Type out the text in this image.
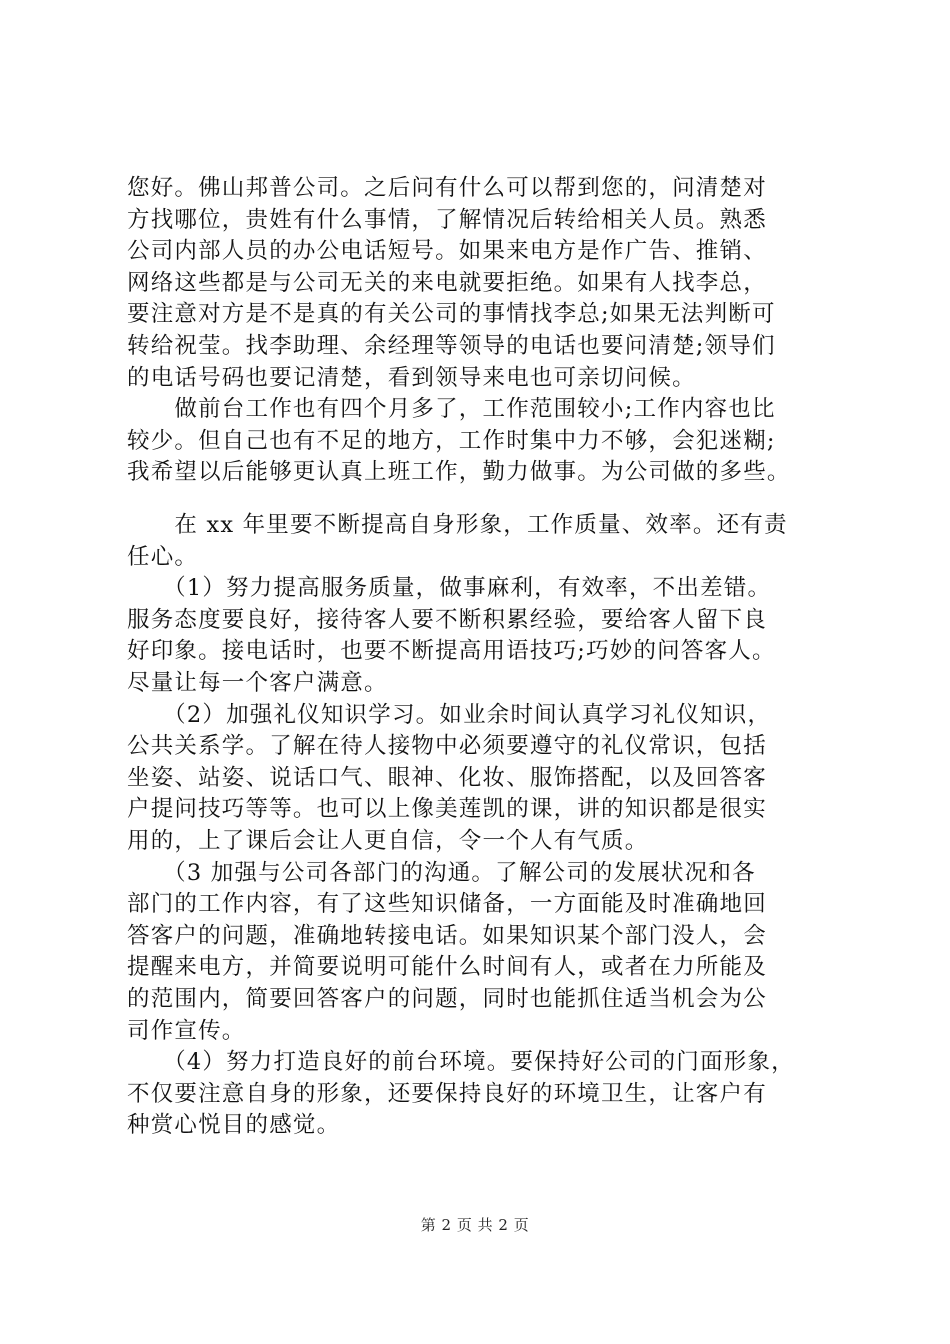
您好。佛山邦普公司。之后问有什么可以帮到您的，问清楚对
方找哪位，贵姓有什么事情，了解情况后转给相关人员。熟悉
公司内部人员的办公电话短号。如果来电方是作广告、推销、
网络这些都是与公司无关的来电就要拒绝。如果有人找李总，
要注意对方是不是真的有关公司的事情找李总;如果无法判断可
转给祝莹。找李助理、余经理等领导的电话也要问清楚;领导们
的电话号码也要记清楚，看到领导来电也可亲切问候。
　　做前台工作也有四个月多了，工作范围较小;工作内容也比
较少。但自己也有不足的地方，工作时集中力不够，会犯迷糊;
我希望以后能够更认真上班工作，勤力做事。为公司做的多些。
　　在 xx 年里要不断提高自身形象，工作质量、效率。还有责
任心。
　　（1）努力提高服务质量，做事麻利，有效率，不出差错。
服务态度要良好，接待客人要不断积累经验，要给客人留下良
好印象。接电话时，也要不断提高用语技巧;巧妙的问答客人。
尽量让每一个客户满意。
　　（2）加强礼仪知识学习。如业余时间认真学习礼仪知识，
公共关系学。了解在待人接物中必须要遵守的礼仪常识，包括
坐姿、站姿、说话口气、眼神、化妆、服饰搭配，以及回答客
户提问技巧等等。也可以上像美莲凯的课，讲的知识都是很实
用的，上了课后会让人更自信，令一个人有气质。
　　（3 加强与公司各部门的沟通。了解公司的发展状况和各
部门的工作内容，有了这些知识储备，一方面能及时准确地回
答客户的问题，准确地转接电话。如果知识某个部门没人，会
提醒来电方，并简要说明可能什么时间有人，或者在力所能及
的范围内，简要回答客户的问题，同时也能抓住适当机会为公
司作宣传。
　　（4）努力打造良好的前台环境。要保持好公司的门面形象，
不仅要注意自身的形象，还要保持良好的环境卫生，让客户有
种赏心悦目的感觉。
第 2 页 共 2 页
